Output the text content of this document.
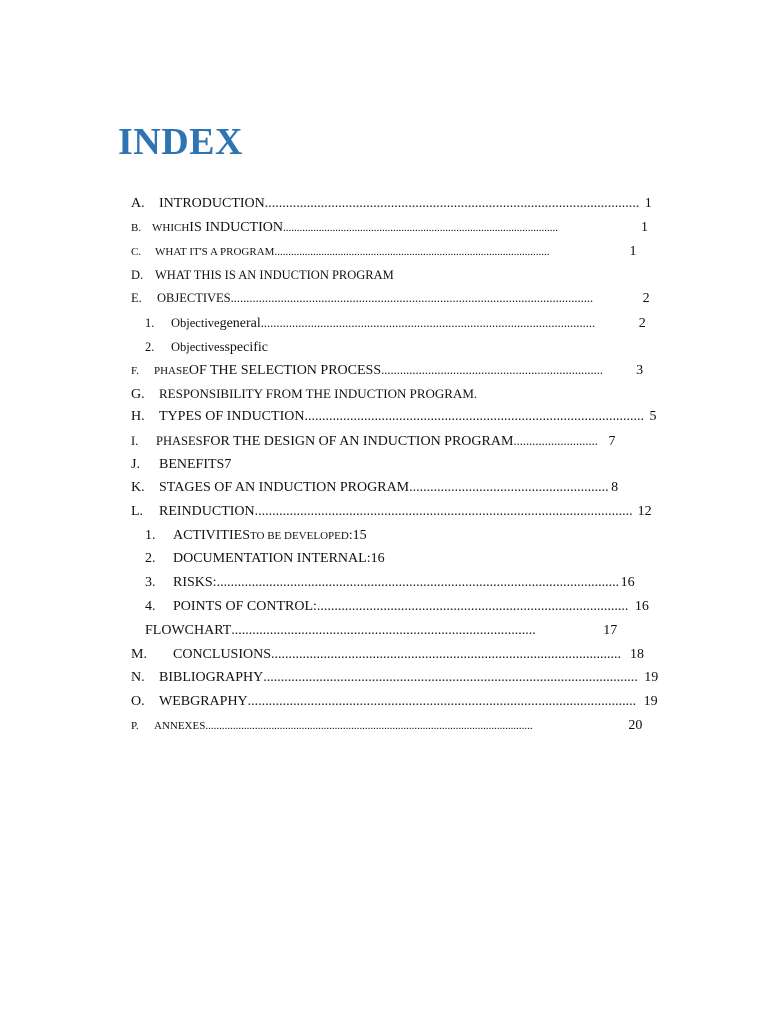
INDEX
A.	INTRODUCTION ........................................................................................................... 1
B. WHICH IS INDUCTION ....................................................................................................	1
C.	WHAT IT'S A PROGRAM ....................................................................................................	1
D. WHAT THIS IS AN INDUCTION PROGRAM
E.	OBJECTIVES ....................................................................................................................	2
1.	Objective general ...........................................................................................................	2
2.	Objectives specific
F.	PHASE OF THE SELECTION PROCESS .......................................................................	3
G.	RESPONSIBILITY FROM THE INDUCTION PROGRAM.
H.	TYPES OF INDUCTION ................................................................................................. 5
I.	PHASES FOR THE DESIGN OF AN INDUCTION PROGRAM ........................... 7
J.	BENEFITS7
K.	STAGES OF AN INDUCTION PROGRAM ......................................................... 8
L.	REINDUCTION ............................................................................................................ 12
1.	ACTIVITIES TO BE DEVELOPED :15
2.	DOCUMENTATION INTERNAL:16
3.	RISKS: ................................................................................................................... 16
4.	POINTS OF CONTROL: ......................................................................................... 16
FLOWCHART .......................................................................................	17
M.	CONCLUSIONS .................................................................................................... 18
N.	BIBLIOGRAPHY ........................................................................................................... 19
O.	WEBGRAPHY ............................................................................................................... 19
P.	ANNEXES .......................................................................................................................	20
